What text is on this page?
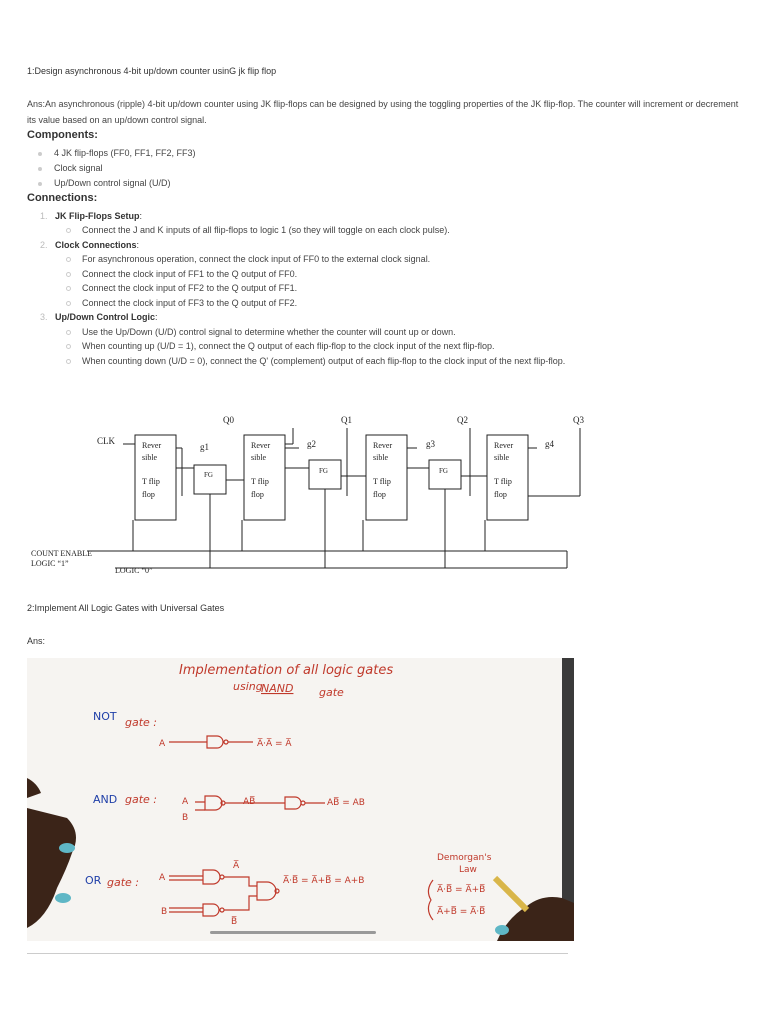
1:Design asynchronous 4-bit up/down counter usinG jk flip flop
Ans:An asynchronous (ripple) 4-bit up/down counter using JK flip-flops can be designed by using the toggling properties of the JK flip-flop. The counter will increment or decrement its value based on an up/down control signal.
Components:
4 JK flip-flops (FF0, FF1, FF2, FF3)
Clock signal
Up/Down control signal (U/D)
Connections:
1. JK Flip-Flops Setup:
Connect the J and K inputs of all flip-flops to logic 1 (so they will toggle on each clock pulse).
2. Clock Connections:
For asynchronous operation, connect the clock input of FF0 to the external clock signal.
Connect the clock input of FF1 to the Q output of FF0.
Connect the clock input of FF2 to the Q output of FF1.
Connect the clock input of FF3 to the Q output of FF2.
3. Up/Down Control Logic:
Use the Up/Down (U/D) control signal to determine whether the counter will count up or down.
When counting up (U/D = 1), connect the Q output of each flip-flop to the clock input of the next flip-flop.
When counting down (U/D = 0), connect the Q' (complement) output of each flip-flop to the clock input of the next flip-flop.
CLK
Q0	Q1	Q2	Q3
g1	g2	g3	g4
FG	FG	FG
Rever
sible
T flip
flop
Rever
sible
T flip
flop
Rever
sible
T flip
flop
Rever
sible
T flip
flop
COUNT ENABLE
LOGIC “1”
LOGIC “0”
2:Implement All Logic Gates with Universal Gates
Ans:
Implementation of all logic gates
using
NAND gate
NOT gate :
A	A̅·A̅ = A̅
AND gate :	A
B
AB̅	AB̅ = AB
OR gate : A
B
A̅
B̅
A̅·B̅ = A̅+B̅ = A+B
Demorgan's
Law
A̅·B̅ = A̅+B̅
A̅+B̅ = A̅·B̅
